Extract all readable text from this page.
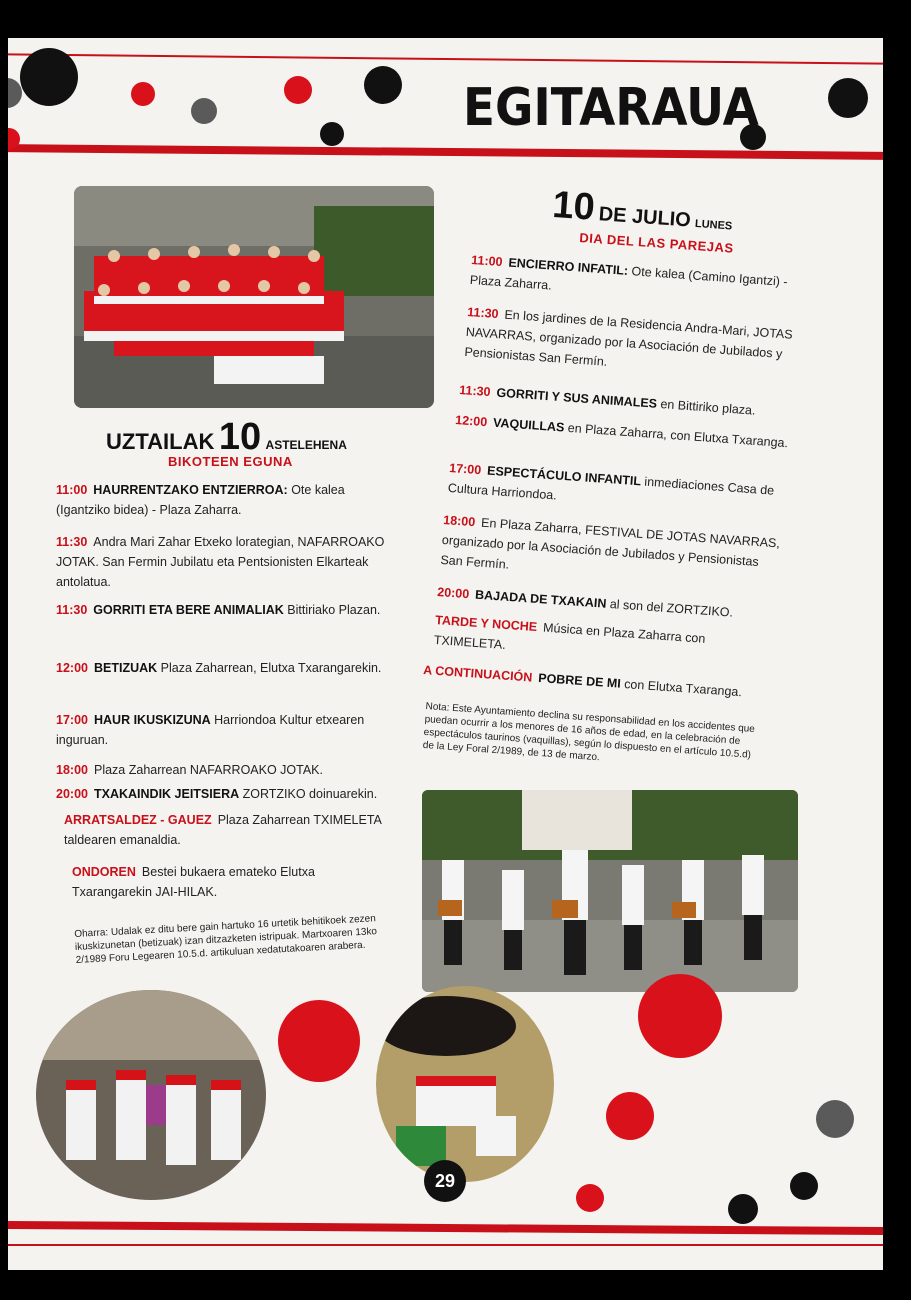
EGITARAUA
UZTAILAK 10 ASTELEHENA
BIKOTEEN EGUNA
11:00 HAURRENTZAKO ENTZIERROA: Ote kalea (Igantziko bidea) - Plaza Zaharra.
11:30 Andra Mari Zahar Etxeko lorategian, NAFARROAKO JOTAK. San Fermin Jubilatu eta Pentsionisten Elkarteak antolatua.
11:30 GORRITI ETA BERE ANIMALIAK Bittiriako Plazan.
12:00 BETIZUAK Plaza Zaharrean, Elutxa Txarangarekin.
17:00 HAUR IKUSKIZUNA Harriondoa Kultur etxearen inguruan.
18:00 Plaza Zaharrean NAFARROAKO JOTAK.
20:00 TXAKAINDIK JEITSIERA ZORTZIKO doinuarekin.
ARRATSALDEZ - GAUEZ Plaza Zaharrean TXIMELETA taldearen emanaldia.
ONDOREN Bestei bukaera emateko Elutxa Txarangarekin JAI-HILAK.
Oharra: Udalak ez ditu bere gain hartuko 16 urtetik behitikoek zezen ikuskizunetan (betizuak) izan ditzazketen istripuak. Martxoaren 13ko 2/1989 Foru Legearen 10.5.d. artikuluan xedatutakoaren arabera.
10 DE JULIO LUNES
DIA DEL LAS PAREJAS
11:00 ENCIERRO INFATIL: Ote kalea (Camino Igantzi) - Plaza Zaharra.
11:30 En los jardines de la Residencia Andra-Mari, JOTAS NAVARRAS, organizado por la Asociación de Jubilados y Pensionistas San Fermín.
11:30 GORRITI Y SUS ANIMALES en Bittiriko plaza.
12:00 VAQUILLAS en Plaza Zaharra, con Elutxa Txaranga.
17:00 ESPECTÁCULO INFANTIL inmediaciones Casa de Cultura Harriondoa.
18:00 En Plaza Zaharra, FESTIVAL DE JOTAS NAVARRAS, organizado por la Asociación de Jubilados y Pensionistas San Fermín.
20:00 BAJADA DE TXAKAIN al son del ZORTZIKO.
TARDE Y NOCHE Música en Plaza Zaharra con TXIMELETA.
A CONTINUACIÓN POBRE DE MI con Elutxa Txaranga.
Nota: Este Ayuntamiento declina su responsabilidad en los accidentes que puedan ocurrir a los menores de 16 años de edad, en la celebración de espectáculos taurinos (vaquillas), según lo dispuesto en el artículo 10.5.d) de la Ley Foral 2/1989, de 13 de marzo.
29
